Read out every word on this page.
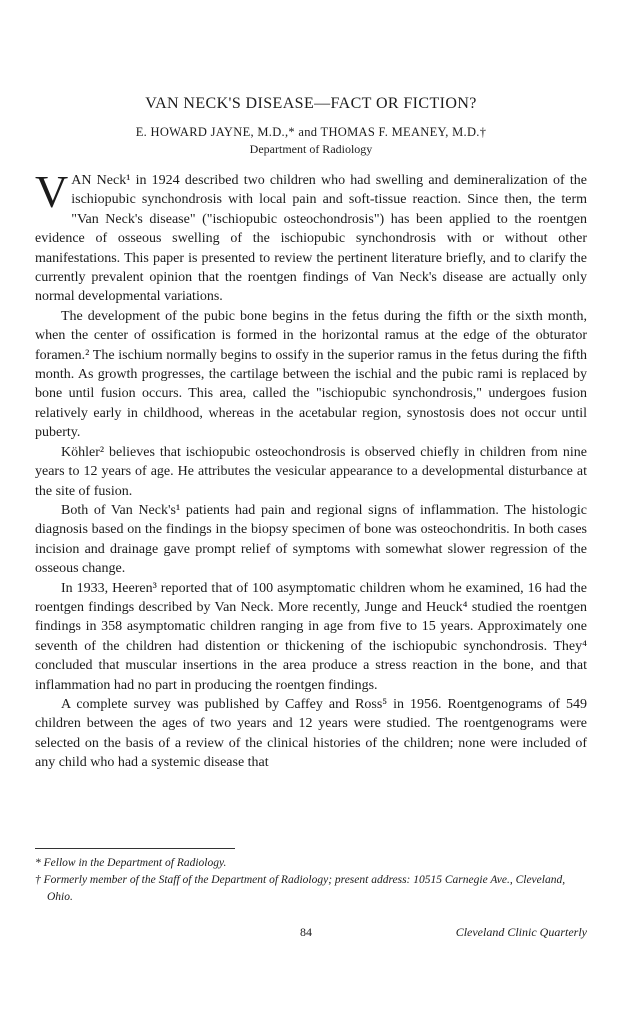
VAN NECK'S DISEASE—FACT OR FICTION?
E. HOWARD JAYNE, M.D.,* and THOMAS F. MEANEY, M.D.†
Department of Radiology

VAN Neck¹ in 1924 described two children who had swelling and demineralization of the ischiopubic synchondrosis with local pain and soft-tissue reaction. Since then, the term "Van Neck's disease" ("ischiopubic osteochondrosis") has been applied to the roentgen evidence of osseous swelling of the ischiopubic synchondrosis with or without other manifestations. This paper is presented to review the pertinent literature briefly, and to clarify the currently prevalent opinion that the roentgen findings of Van Neck's disease are actually only normal developmental variations.

The development of the pubic bone begins in the fetus during the fifth or the sixth month, when the center of ossification is formed in the horizontal ramus at the edge of the obturator foramen.² The ischium normally begins to ossify in the superior ramus in the fetus during the fifth month. As growth progresses, the cartilage between the ischial and the pubic rami is replaced by bone until fusion occurs. This area, called the "ischiopubic synchondrosis," undergoes fusion relatively early in childhood, whereas in the acetabular region, synostosis does not occur until puberty.

Köhler² believes that ischiopubic osteochondrosis is observed chiefly in children from nine years to 12 years of age. He attributes the vesicular appearance to a developmental disturbance at the site of fusion.

Both of Van Neck's¹ patients had pain and regional signs of inflammation. The histologic diagnosis based on the findings in the biopsy specimen of bone was osteochondritis. In both cases incision and drainage gave prompt relief of symptoms with somewhat slower regression of the osseous change.

In 1933, Heeren³ reported that of 100 asymptomatic children whom he examined, 16 had the roentgen findings described by Van Neck. More recently, Junge and Heuck⁴ studied the roentgen findings in 358 asymptomatic children ranging in age from five to 15 years. Approximately one seventh of the children had distention or thickening of the ischiopubic synchondrosis. They⁴ concluded that muscular insertions in the area produce a stress reaction in the bone, and that inflammation had no part in producing the roentgen findings.

A complete survey was published by Caffey and Ross⁵ in 1956. Roentgenograms of 549 children between the ages of two years and 12 years were studied. The roentgenograms were selected on the basis of a review of the clinical histories of the children; none were included of any child who had a systemic disease that

* Fellow in the Department of Radiology.

† Formerly member of the Staff of the Department of Radiology; present address: 10515 Carnegie Ave., Cleveland, Ohio.

84	Cleveland Clinic Quarterly
